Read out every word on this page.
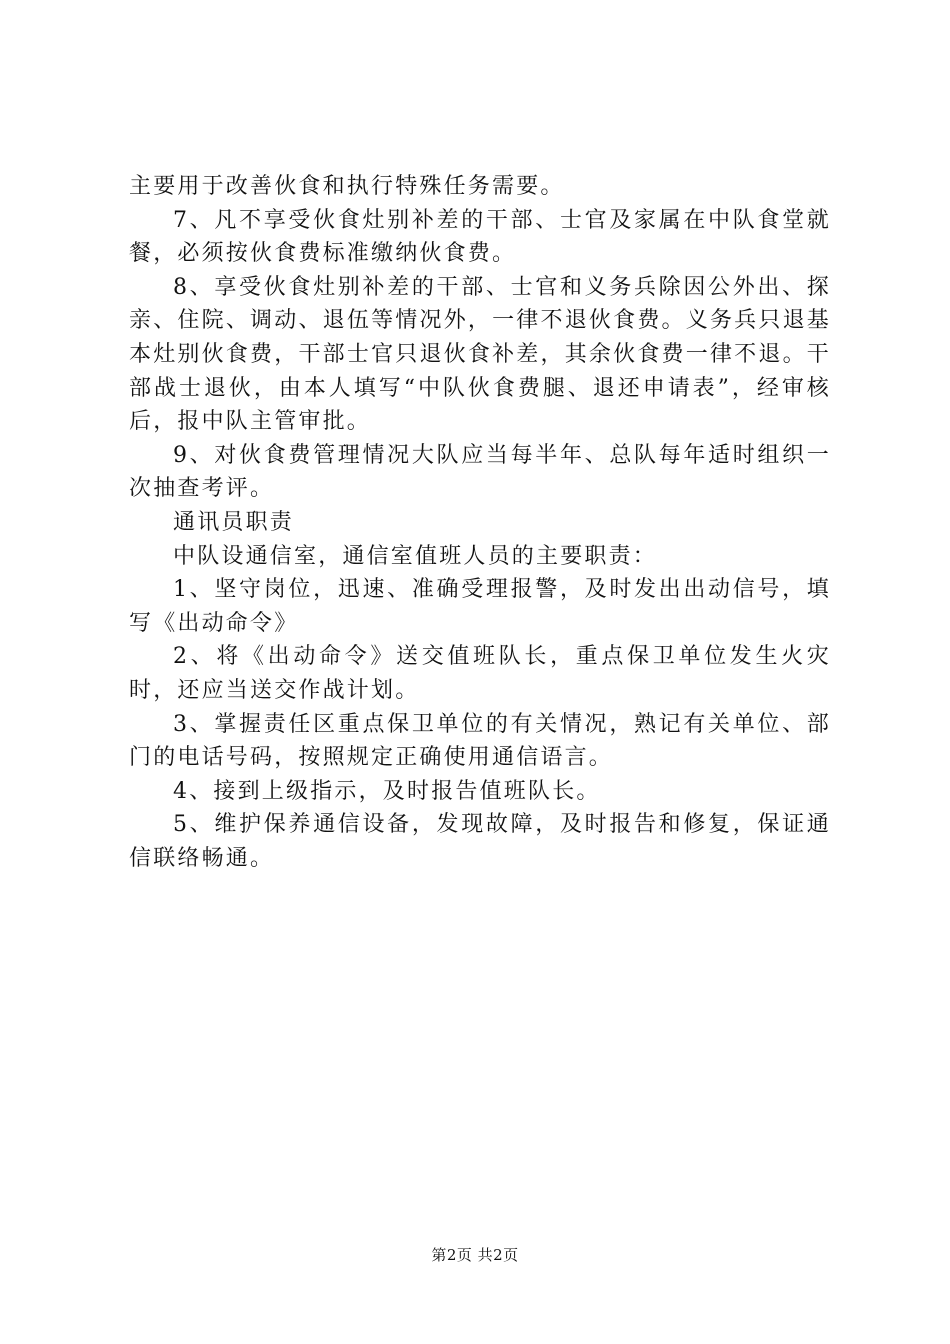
主要用于改善伙食和执行特殊任务需要。

7、凡不享受伙食灶别补差的干部、士官及家属在中队食堂就餐，必须按伙食费标准缴纳伙食费。

8、享受伙食灶别补差的干部、士官和义务兵除因公外出、探亲、住院、调动、退伍等情况外，一律不退伙食费。义务兵只退基本灶别伙食费，干部士官只退伙食补差，其余伙食费一律不退。干部战士退伙，由本人填写“中队伙食费腿、退还申请表”，经审核后，报中队主管审批。

9、对伙食费管理情况大队应当每半年、总队每年适时组织一次抽查考评。

通讯员职责

中队设通信室，通信室值班人员的主要职责：

1、坚守岗位，迅速、准确受理报警，及时发出出动信号，填写《出动命令》

2、将《出动命令》送交值班队长，重点保卫单位发生火灾时，还应当送交作战计划。

3、掌握责任区重点保卫单位的有关情况，熟记有关单位、部门的电话号码，按照规定正确使用通信语言。

4、接到上级指示，及时报告值班队长。

5、维护保养通信设备，发现故障，及时报告和修复，保证通信联络畅通。

第2页 共2页
